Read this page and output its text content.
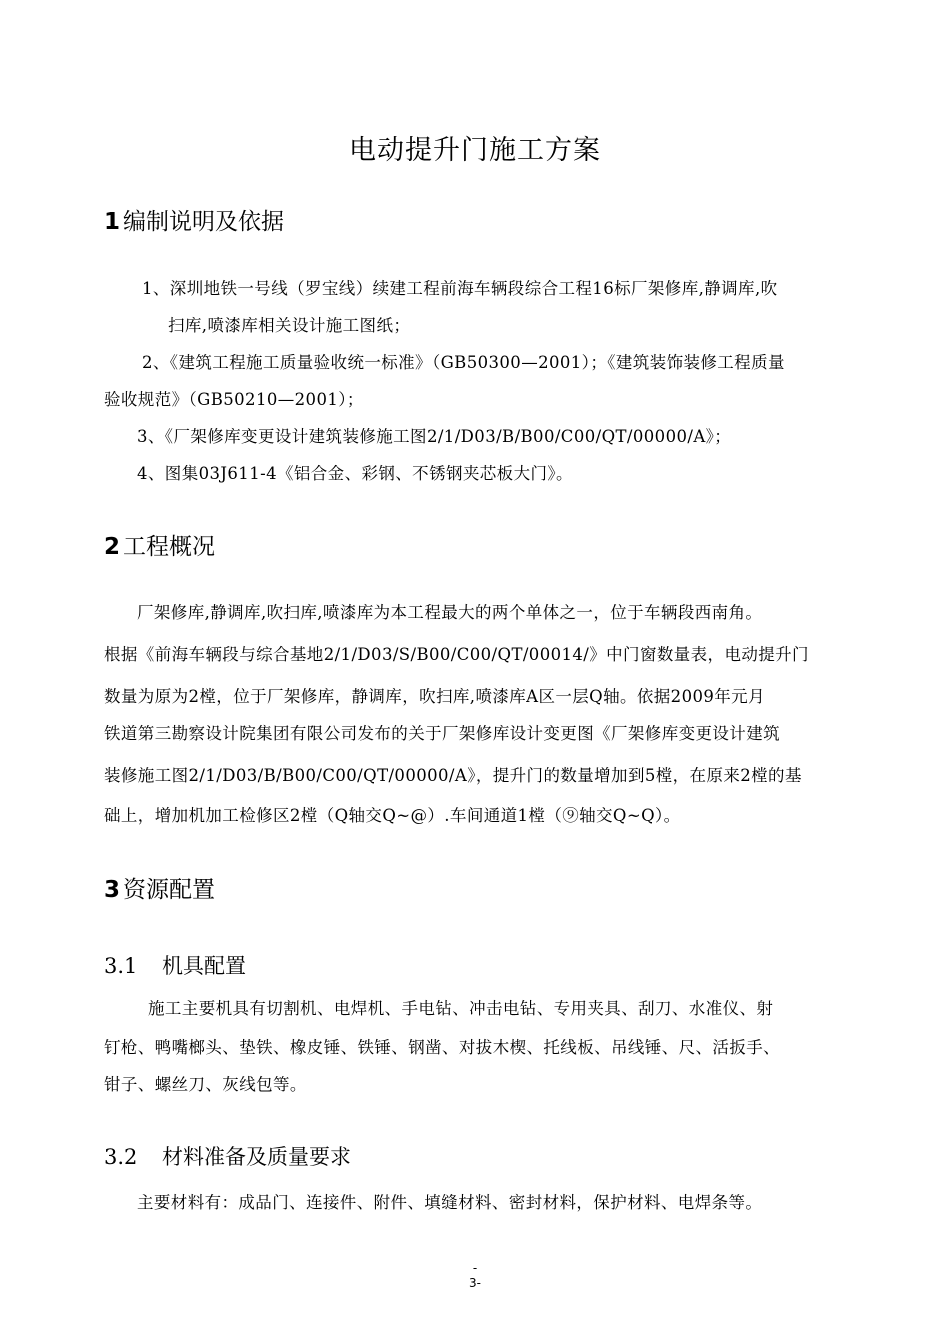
电动提升门施工方案
1 编制说明及依据
1、深圳地铁一号线（罗宝线）续建工程前海车辆段综合工程16标厂架修库,静调库,吹
扫库,喷漆库相关设计施工图纸；
2、《建筑工程施工质量验收统一标准》（GB50300—2001）；《建筑装饰装修工程质量
验收规范》（GB50210—2001）；
3、《厂架修库变更设计建筑装修施工图2/1/D03/B/B00/C00/QT/00000/A》；
4、图集03J611-4《铝合金、彩钢、不锈钢夹芯板大门》。
2 工程概况
厂架修库,静调库,吹扫库,喷漆库为本工程最大的两个单体之一，位于车辆段西南角。
根据《前海车辆段与综合基地2/1/D03/S/B00/C00/QT/00014/》中门窗数量表，电动提升门
数量为原为2樘，位于厂架修库，静调库，吹扫库,喷漆库A区一层Q轴。依据2009年元月
铁道第三勘察设计院集团有限公司发布的关于厂架修库设计变更图《厂架修库变更设计建筑
装修施工图2/1/D03/B/B00/C00/QT/00000/A》，提升门的数量增加到5樘，在原来2樘的基
础上，增加机加工检修区2樘（Q轴交Q~@）.车间通道1樘（⑨轴交Q~Q）。
3 资源配置
3.1 机具配置
施工主要机具有切割机、电焊机、手电钻、冲击电钻、专用夹具、刮刀、水准仪、射
钉枪、鸭嘴榔头、垫铁、橡皮锤、铁锤、钢凿、对拔木楔、托线板、吊线锤、尺、活扳手、
钳子、螺丝刀、灰线包等。
3.2 材料准备及质量要求
主要材料有：成品门、连接件、附件、填缝材料、密封材料，保护材料、电焊条等。
-
3-
